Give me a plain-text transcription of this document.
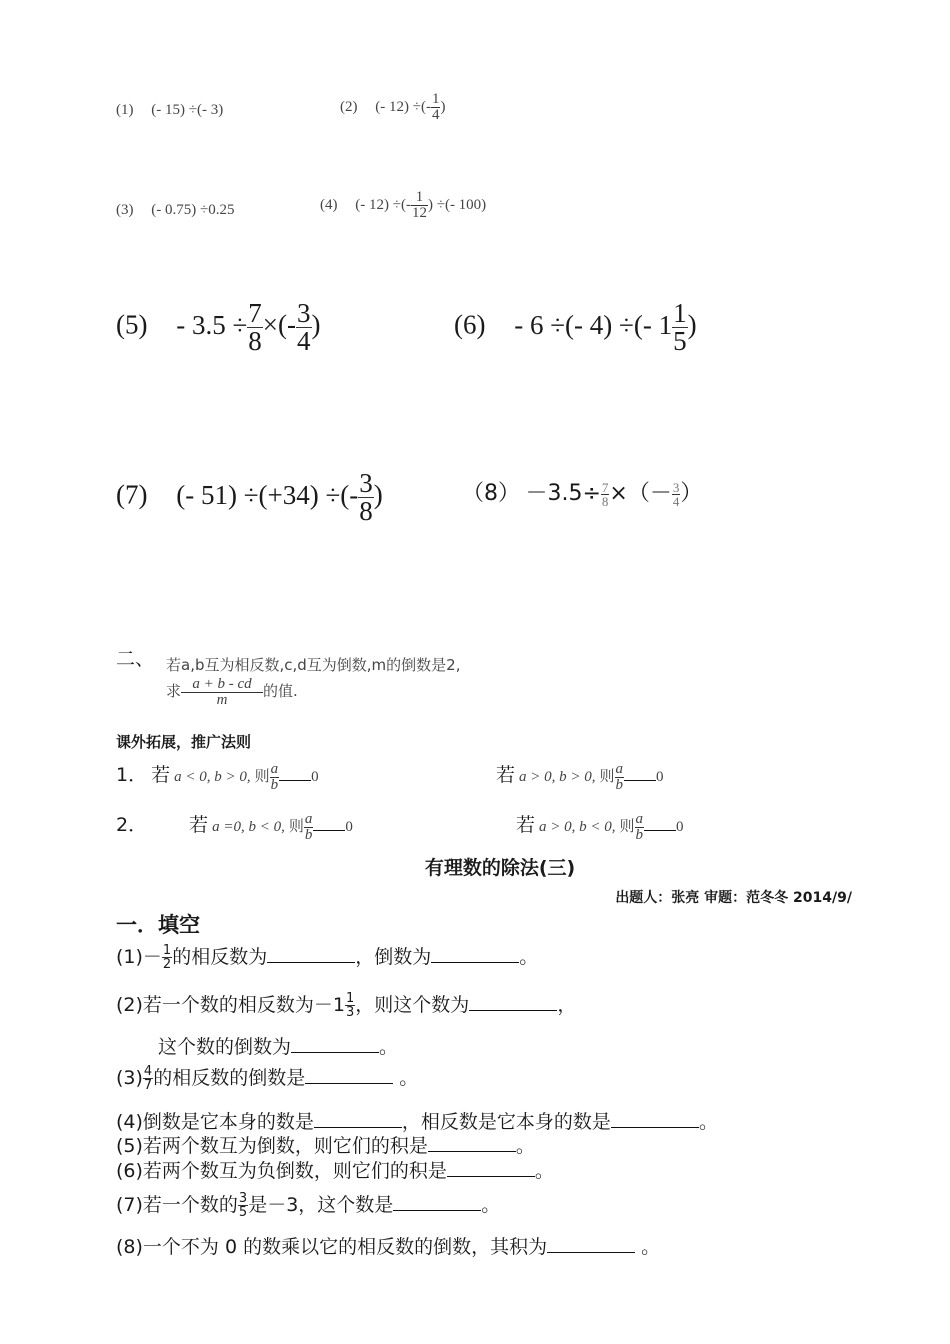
(1) (- 15) ÷(- 3)	(2) (- 12) ÷(- $\frac{1}{4}$ )
(3) (- 0.75) ÷0.25	(4) (- 12) ÷(- $\frac{1}{12}$ ) ÷(- 100)
$(5) - 3.5 \div \frac{7}{8}$ ×(- $\frac{3}{4}$ )	(6) - 6 ÷(- 4) ÷(- $1 \frac{1}{5}$ )
(7) (- 51) ÷(+34) ÷(- $\frac{3}{8}$ )	$(8) -3.5\div \frac{7}{8}$ ×（－ $\frac{3}{4}$ ）
二、 若a,b互为相反数,c,d互为倒数,m的倒数是2,
求 $\frac{a + b - cd}{m}$ 的值.
课外拓展，推广法则
1． 若 a < 0, b > 0, 则 $\frac{a}{b} 0$	若 a > 0, b > 0, 则 $\frac{a}{b} 0$
2． 若 a =0, b < 0, 则 $\frac{a}{b} 0$	若 a > 0, b < 0, 则 $\frac{a}{b} 0$
有理数的除法(三)
出题人：张亮 审题：范冬冬 2014/9/
一．填空
$(1)- \frac{1}{2}$ 的相反数为	，倒数为	。
(2)若一个数的相反数为$-1 \frac{1}{3}$ ，则这个数为	，
这个数的倒数为	。
$(3) \frac{4}{7}$ 的相反数的倒数是	。
(4)倒数是它本身的数是	，相反数是它本身的数是	。
(5)若两个数互为倒数，则它们的积是	。
(6)若两个数互为负倒数，则它们的积是	。
(7)若一个数的 $\frac{3}{5}$ 是－3，这个数是	。
(8)一个不为 0 的数乘以它的相反数的倒数，其积为	。
